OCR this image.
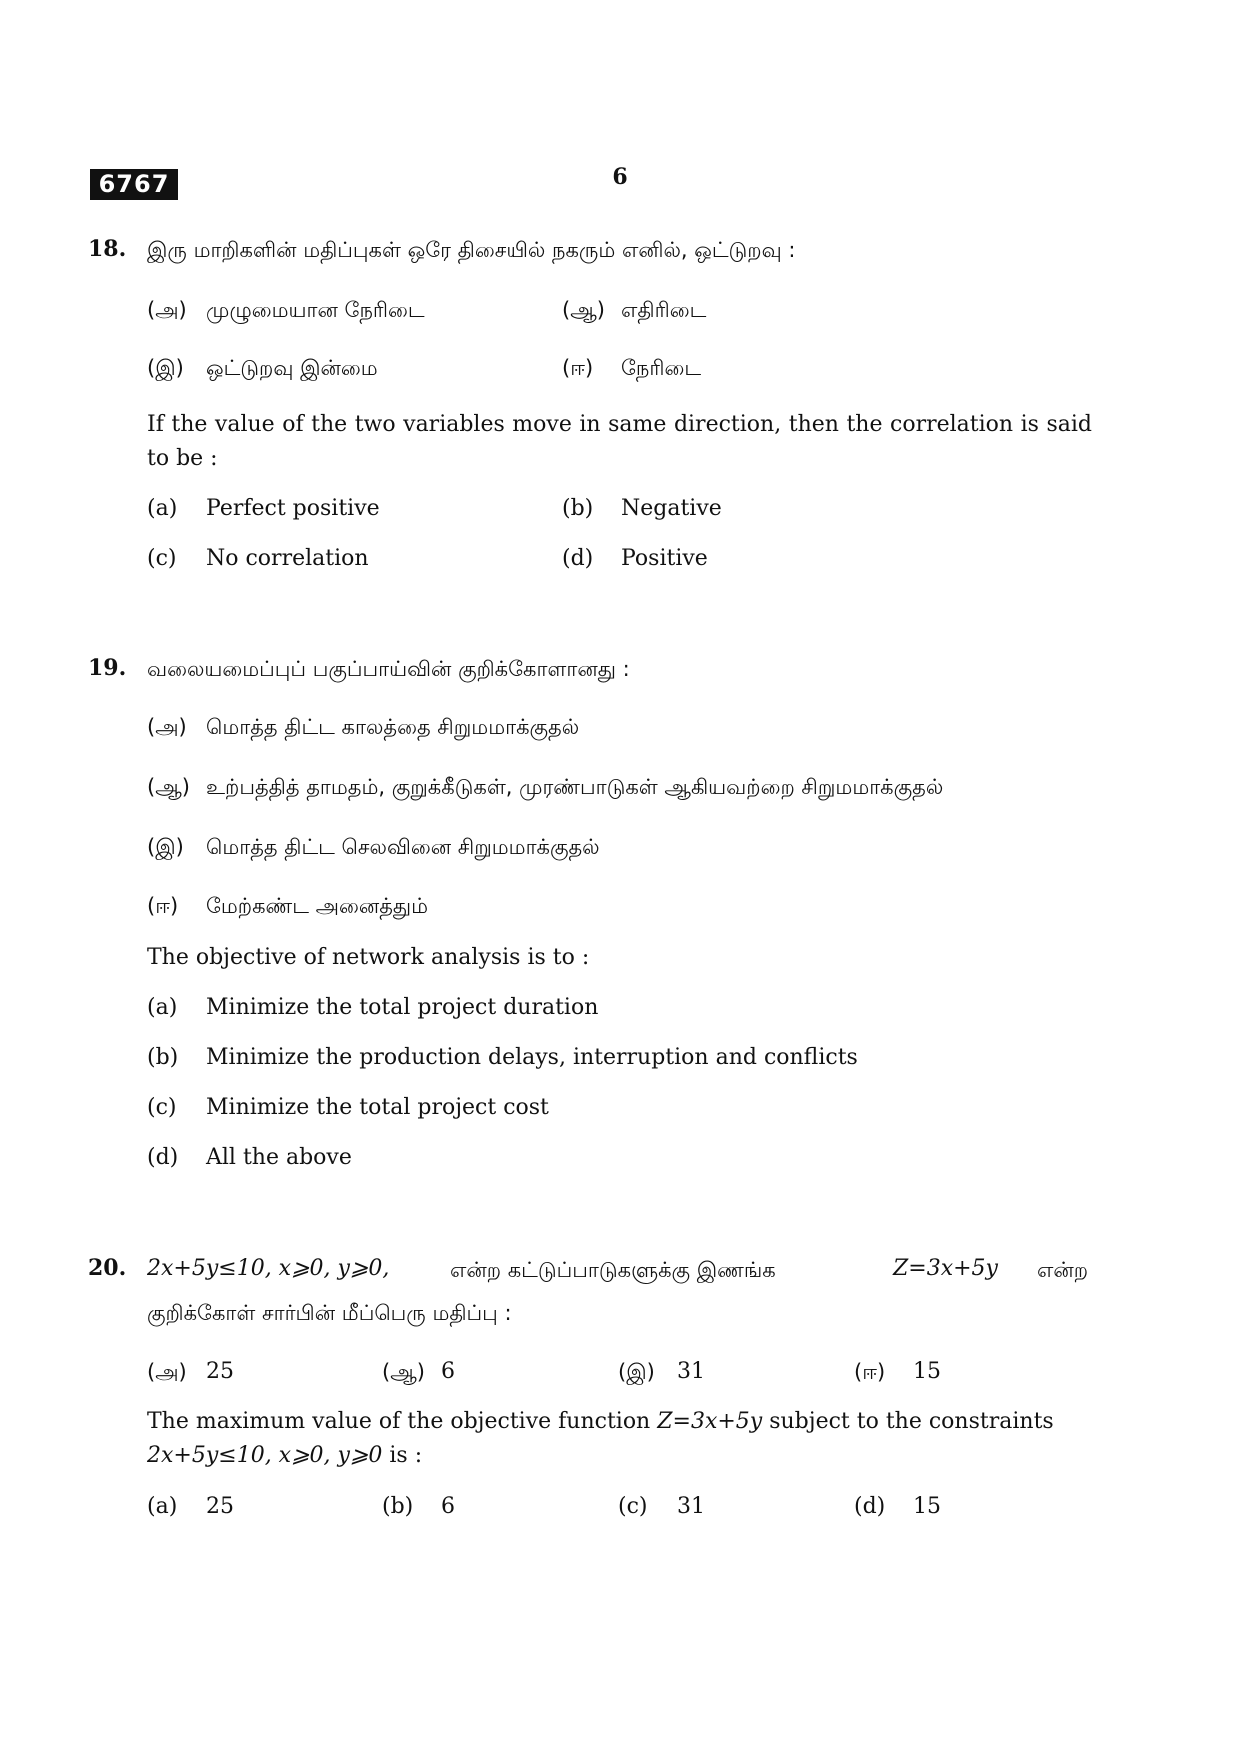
6767	6
18. இரு மாறிகளின் மதிப்புகள் ஒரே திசையில் நகரும் எனில், ஒட்டுறவு :
(அ) முழுமையான நேரிடை	(ஆ) எதிரிடை
(இ) ஒட்டுறவு இன்மை	(ஈ) நேரிடை
If the value of the two variables move in same direction, then the correlation is said to be :
(a) Perfect positive	(b) Negative
(c) No correlation	(d) Positive
19. வலையமைப்புப் பகுப்பாய்வின் குறிக்கோளானது :
(அ) மொத்த திட்ட காலத்தை சிறுமமாக்குதல்
(ஆ) உற்பத்தித் தாமதம், குறுக்கீடுகள், முரண்பாடுகள் ஆகியவற்றை சிறுமமாக்குதல்
(இ) மொத்த திட்ட செலவினை சிறுமமாக்குதல்
(ஈ) மேற்கண்ட அனைத்தும்
The objective of network analysis is to :
(a) Minimize the total project duration
(b) Minimize the production delays, interruption and conflicts
(c) Minimize the total project cost
(d) All the above
20. 2x+5y≤10, x⩾0, y⩾0,	என்ற கட்டுப்பாடுகளுக்கு இணங்க	Z=3x+5y என்ற
குறிக்கோள் சார்பின் மீப்பெரு மதிப்பு :
(அ) 25	(ஆ) 6	(இ) 31	(ஈ) 15
The maximum value of the objective function Z=3x+5y subject to the constraints
2x+5y≤10, x⩾0, y⩾0 is :
(a) 25	(b) 6	(c) 31	(d) 15
